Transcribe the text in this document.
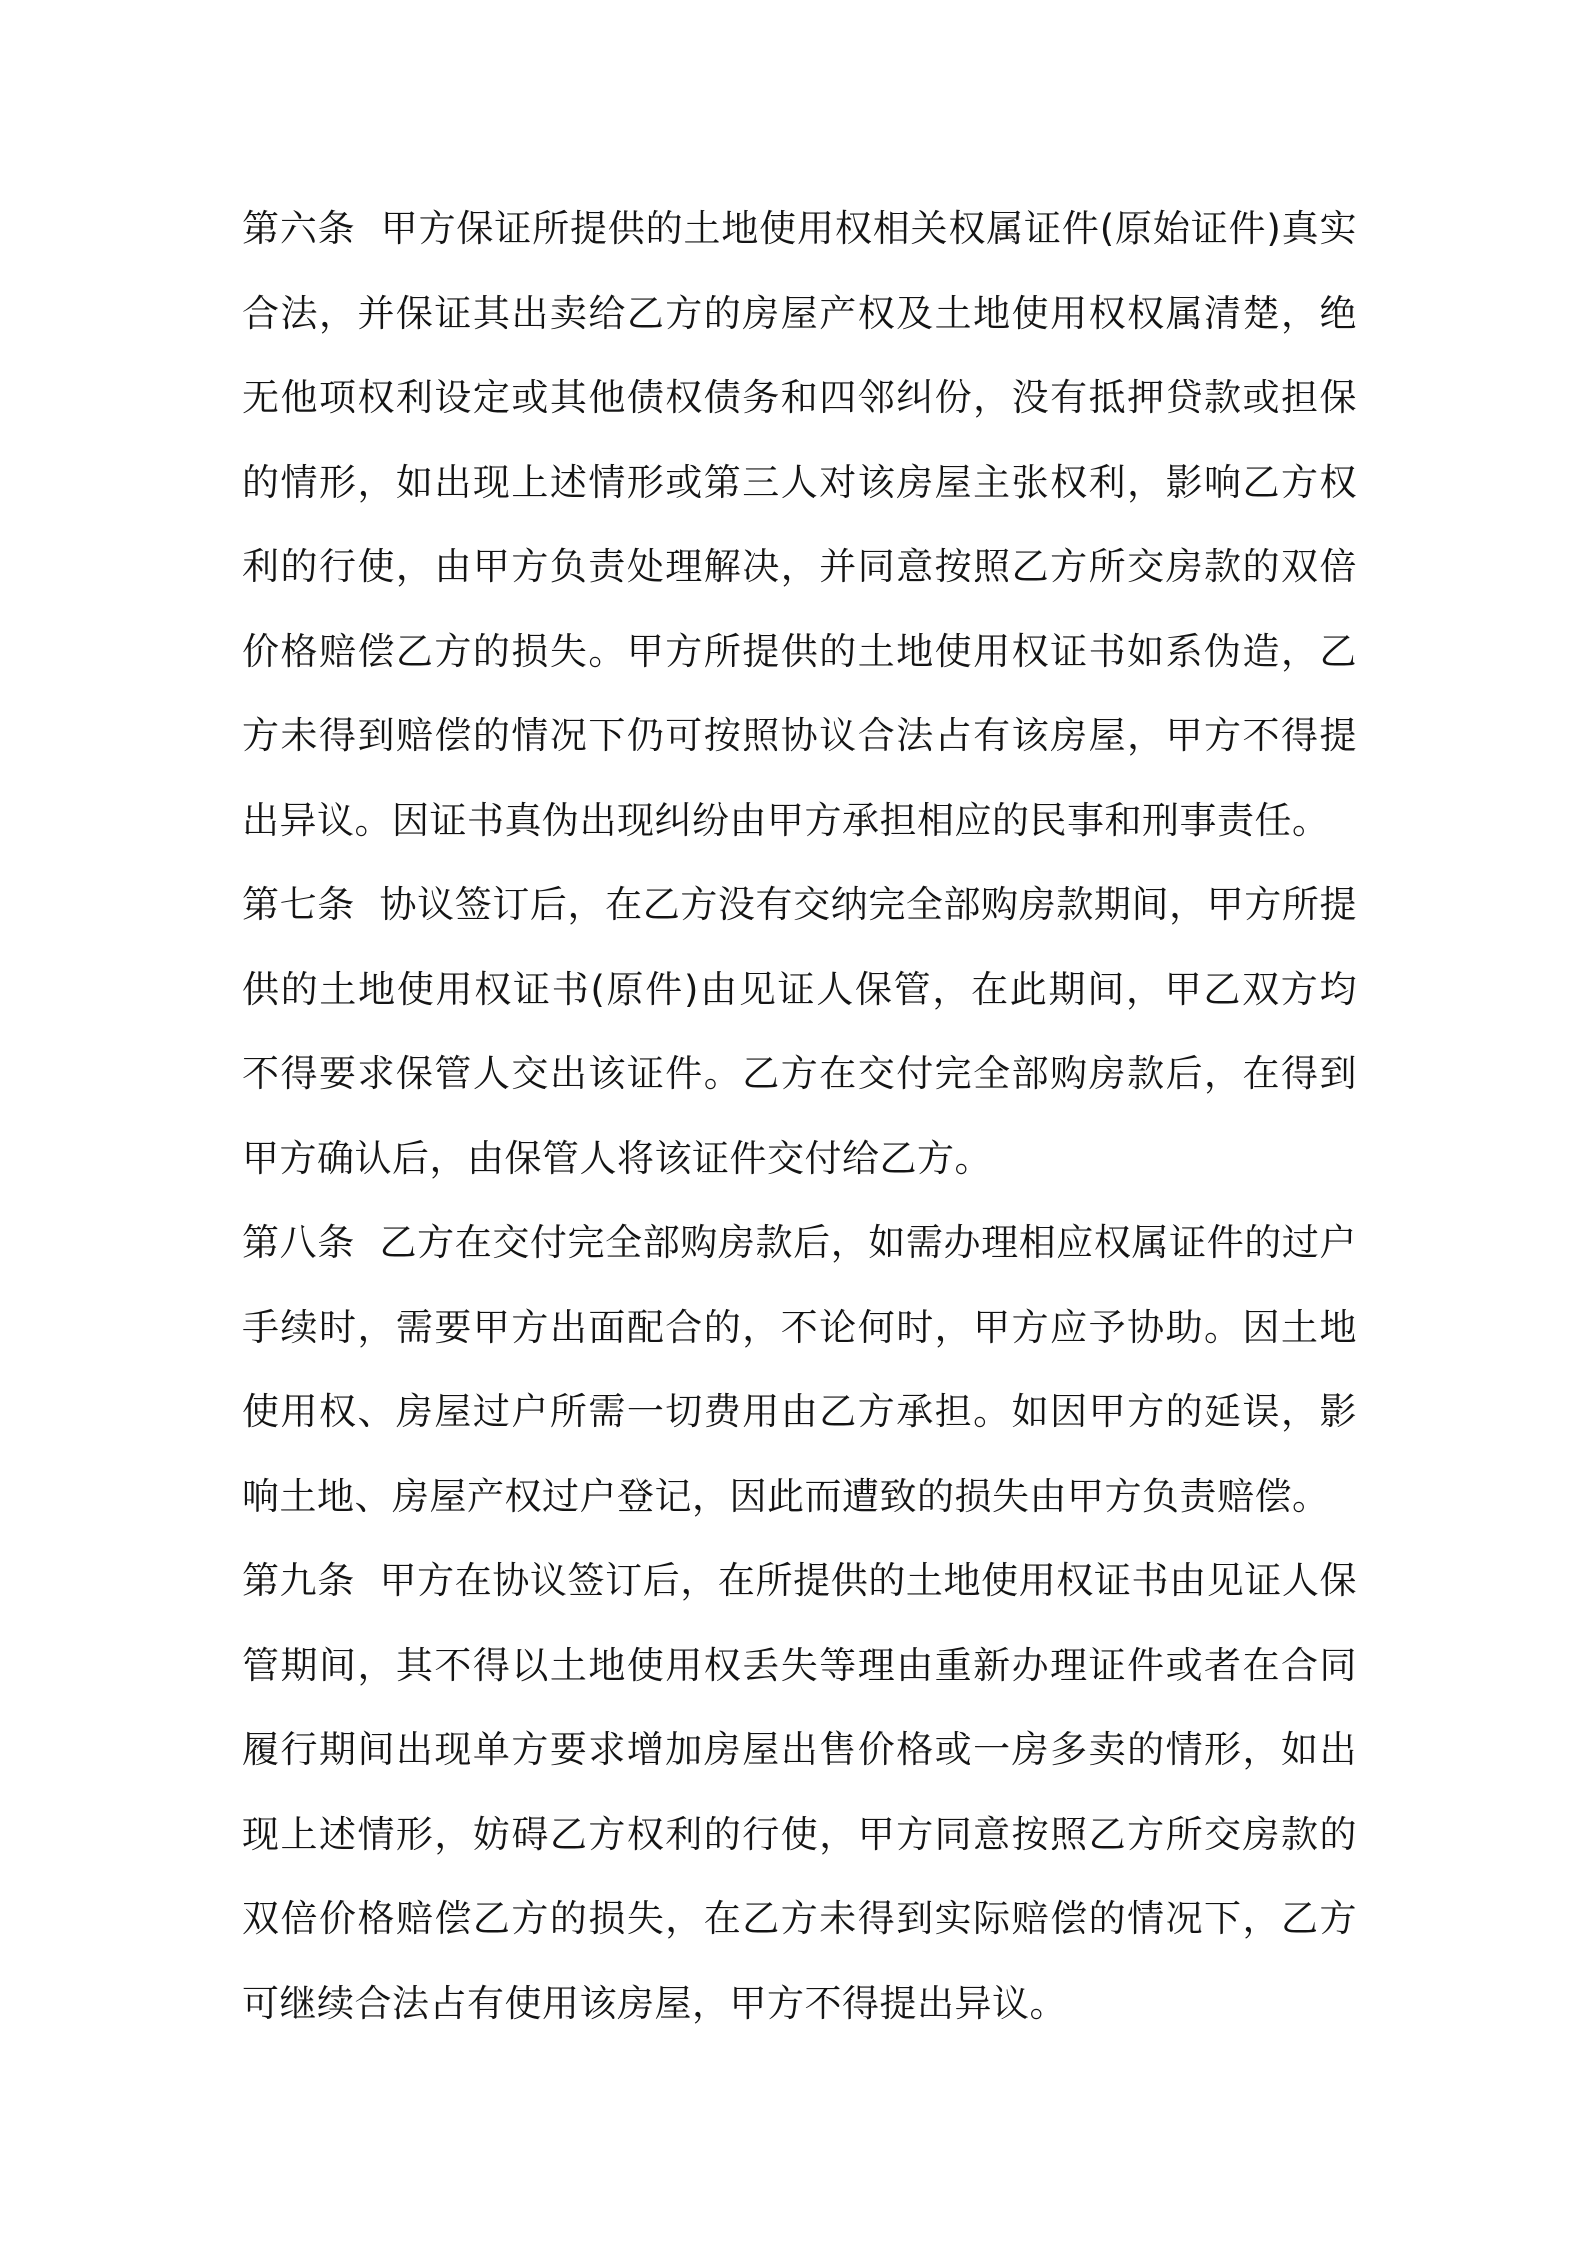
第六条 甲方保证所提供的土地使用权相关权属证件(原始证件)真实合法，并保证其出卖给乙方的房屋产权及土地使用权权属清楚，绝无他项权利设定或其他债权债务和四邻纠份，没有抵押贷款或担保的情形，如出现上述情形或第三人对该房屋主张权利，影响乙方权利的行使，由甲方负责处理解决，并同意按照乙方所交房款的双倍价格赔偿乙方的损失。甲方所提供的土地使用权证书如系伪造，乙方未得到赔偿的情况下仍可按照协议合法占有该房屋，甲方不得提出异议。因证书真伪出现纠纷由甲方承担相应的民事和刑事责任。

第七条 协议签订后，在乙方没有交纳完全部购房款期间，甲方所提供的土地使用权证书(原件)由见证人保管，在此期间，甲乙双方均不得要求保管人交出该证件。乙方在交付完全部购房款后，在得到甲方确认后，由保管人将该证件交付给乙方。

第八条 乙方在交付完全部购房款后，如需办理相应权属证件的过户手续时，需要甲方出面配合的，不论何时，甲方应予协助。因土地使用权、房屋过户所需一切费用由乙方承担。如因甲方的延误，影响土地、房屋产权过户登记，因此而遭致的损失由甲方负责赔偿。

第九条 甲方在协议签订后，在所提供的土地使用权证书由见证人保管期间，其不得以土地使用权丢失等理由重新办理证件或者在合同履行期间出现单方要求增加房屋出售价格或一房多卖的情形，如出现上述情形，妨碍乙方权利的行使，甲方同意按照乙方所交房款的双倍价格赔偿乙方的损失，在乙方未得到实际赔偿的情况下，乙方可继续合法占有使用该房屋，甲方不得提出异议。
